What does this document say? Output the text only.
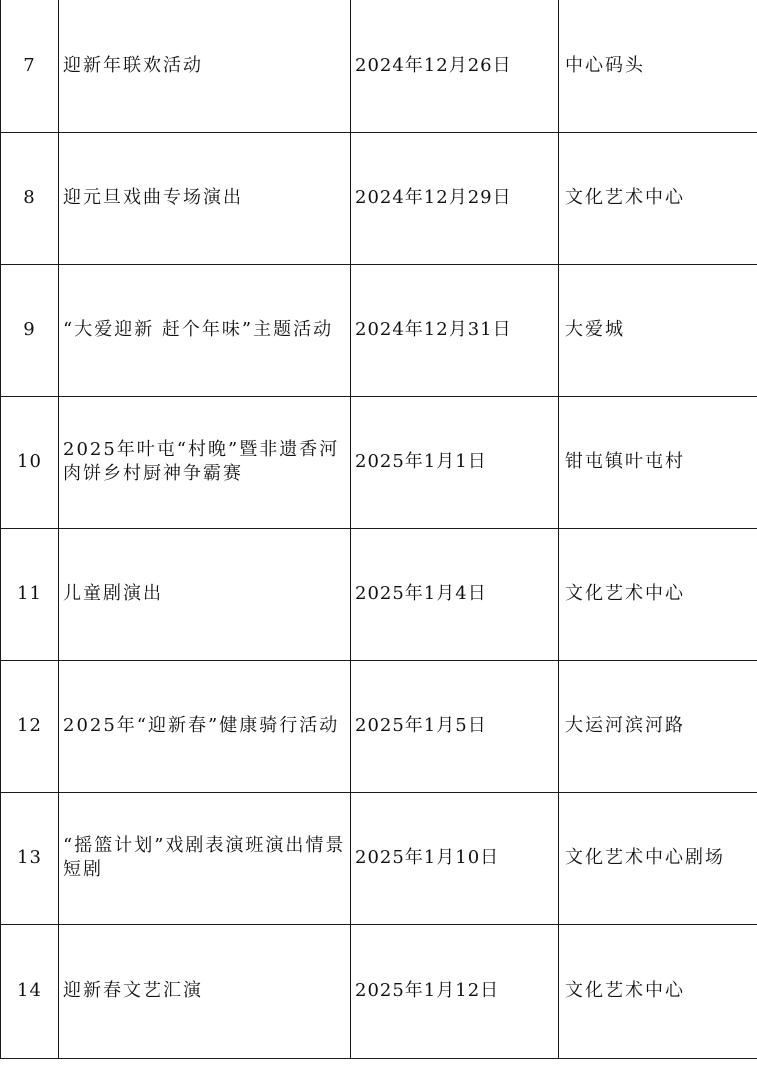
7	迎新年联欢活动	2024年12月26日	中心码头
8	迎元旦戏曲专场演出	2024年12月29日	文化艺术中心
9	“大爱迎新 赶个年味”主题活动	2024年12月31日	大爱城
10	2025年叶屯“村晚”暨非遗香河肉饼乡村厨神争霸赛	2025年1月1日	钳屯镇叶屯村
11	儿童剧演出	2025年1月4日	文化艺术中心
12	2025年“迎新春”健康骑行活动	2025年1月5日	大运河滨河路
13	“摇篮计划”戏剧表演班演出情景短剧	2025年1月10日	文化艺术中心剧场
14	迎新春文艺汇演	2025年1月12日	文化艺术中心
